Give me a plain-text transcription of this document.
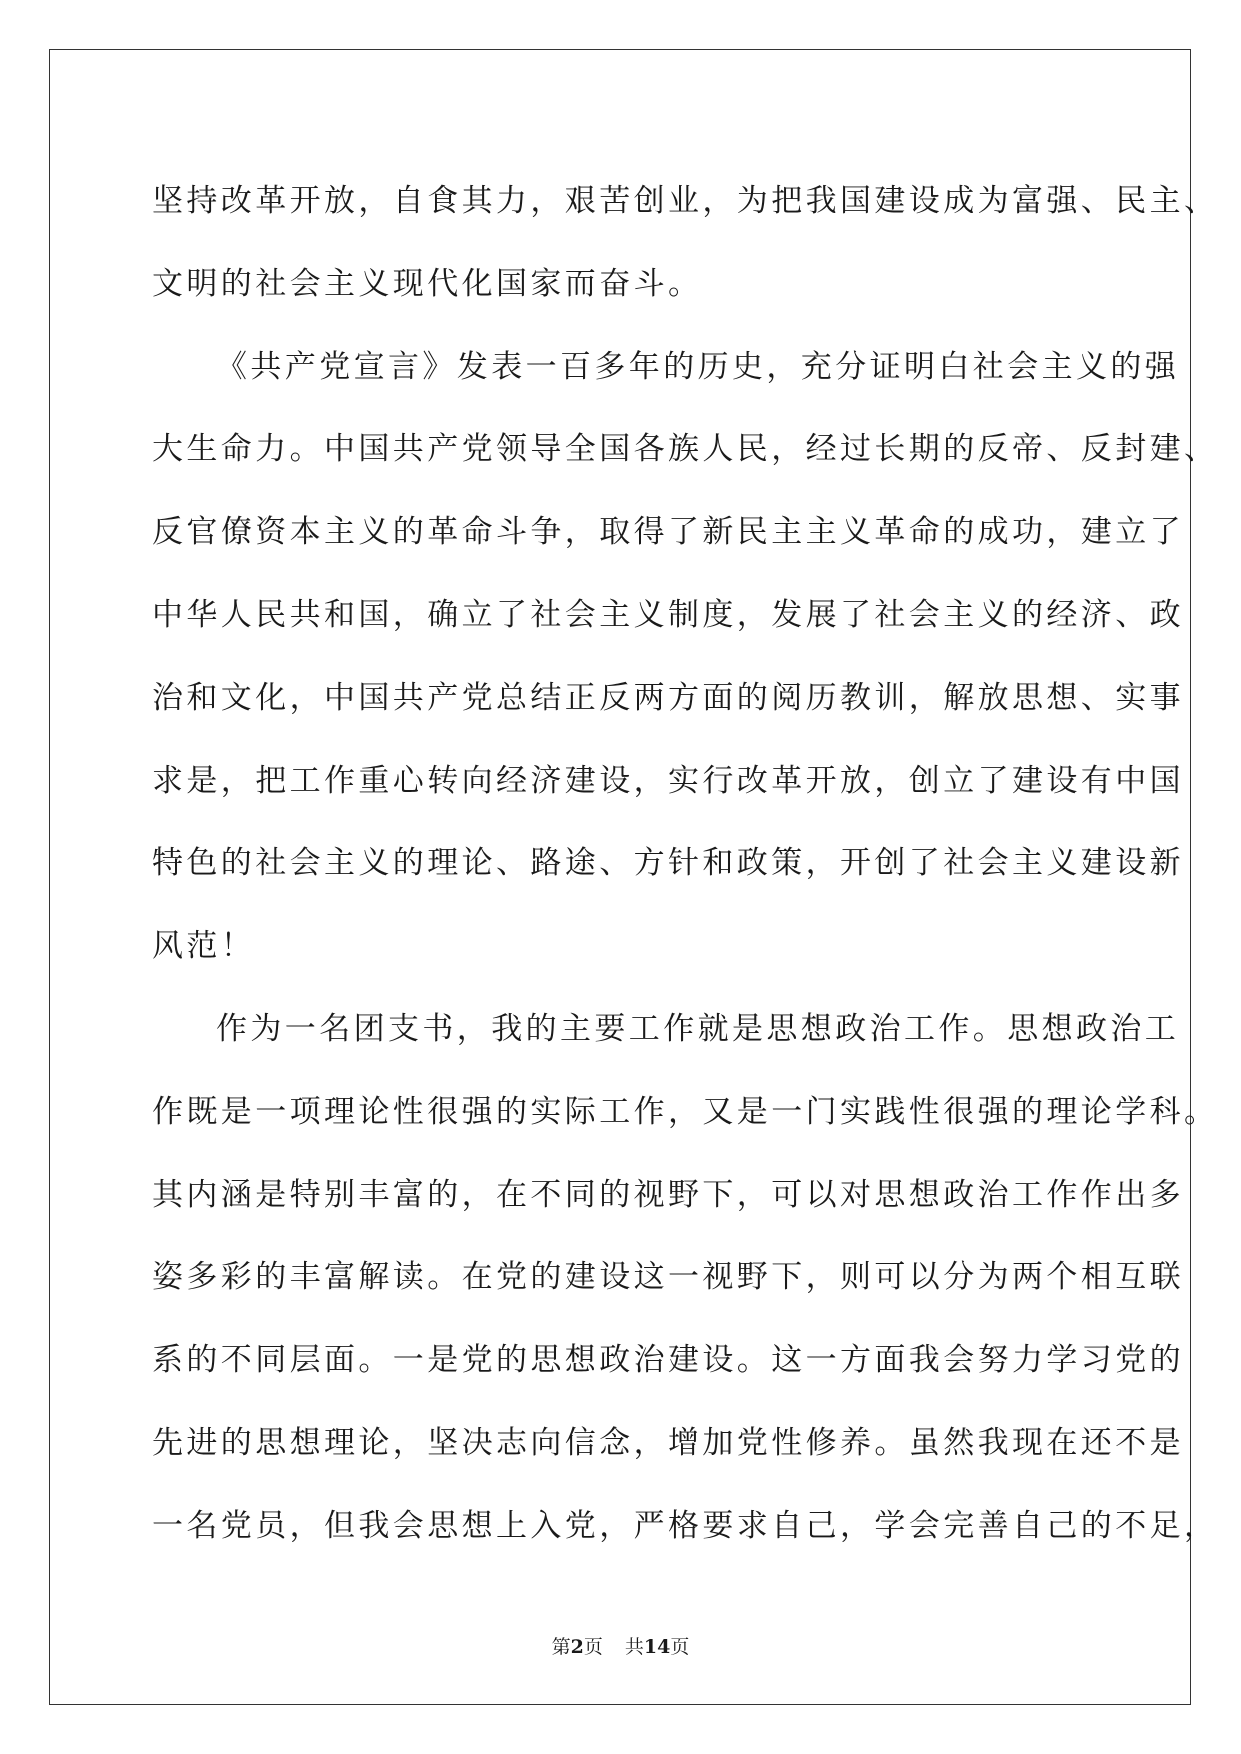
坚持改革开放，自食其力，艰苦创业，为把我国建设成为富强、民主、
文明的社会主义现代化国家而奋斗。
《共产党宣言》发表一百多年的历史，充分证明白社会主义的强
大生命力。中国共产党领导全国各族人民，经过长期的反帝、反封建、
反官僚资本主义的革命斗争，取得了新民主主义革命的成功，建立了
中华人民共和国，确立了社会主义制度，发展了社会主义的经济、政
治和文化，中国共产党总结正反两方面的阅历教训，解放思想、实事
求是，把工作重心转向经济建设，实行改革开放，创立了建设有中国
特色的社会主义的理论、路途、方针和政策，开创了社会主义建设新
风范！
作为一名团支书，我的主要工作就是思想政治工作。思想政治工
作既是一项理论性很强的实际工作，又是一门实践性很强的理论学科。
其内涵是特别丰富的，在不同的视野下，可以对思想政治工作作出多
姿多彩的丰富解读。在党的建设这一视野下，则可以分为两个相互联
系的不同层面。一是党的思想政治建设。这一方面我会努力学习党的
先进的思想理论，坚决志向信念，增加党性修养。虽然我现在还不是
一名党员，但我会思想上入党，严格要求自己，学会完善自己的不足，
第2页 共14页
